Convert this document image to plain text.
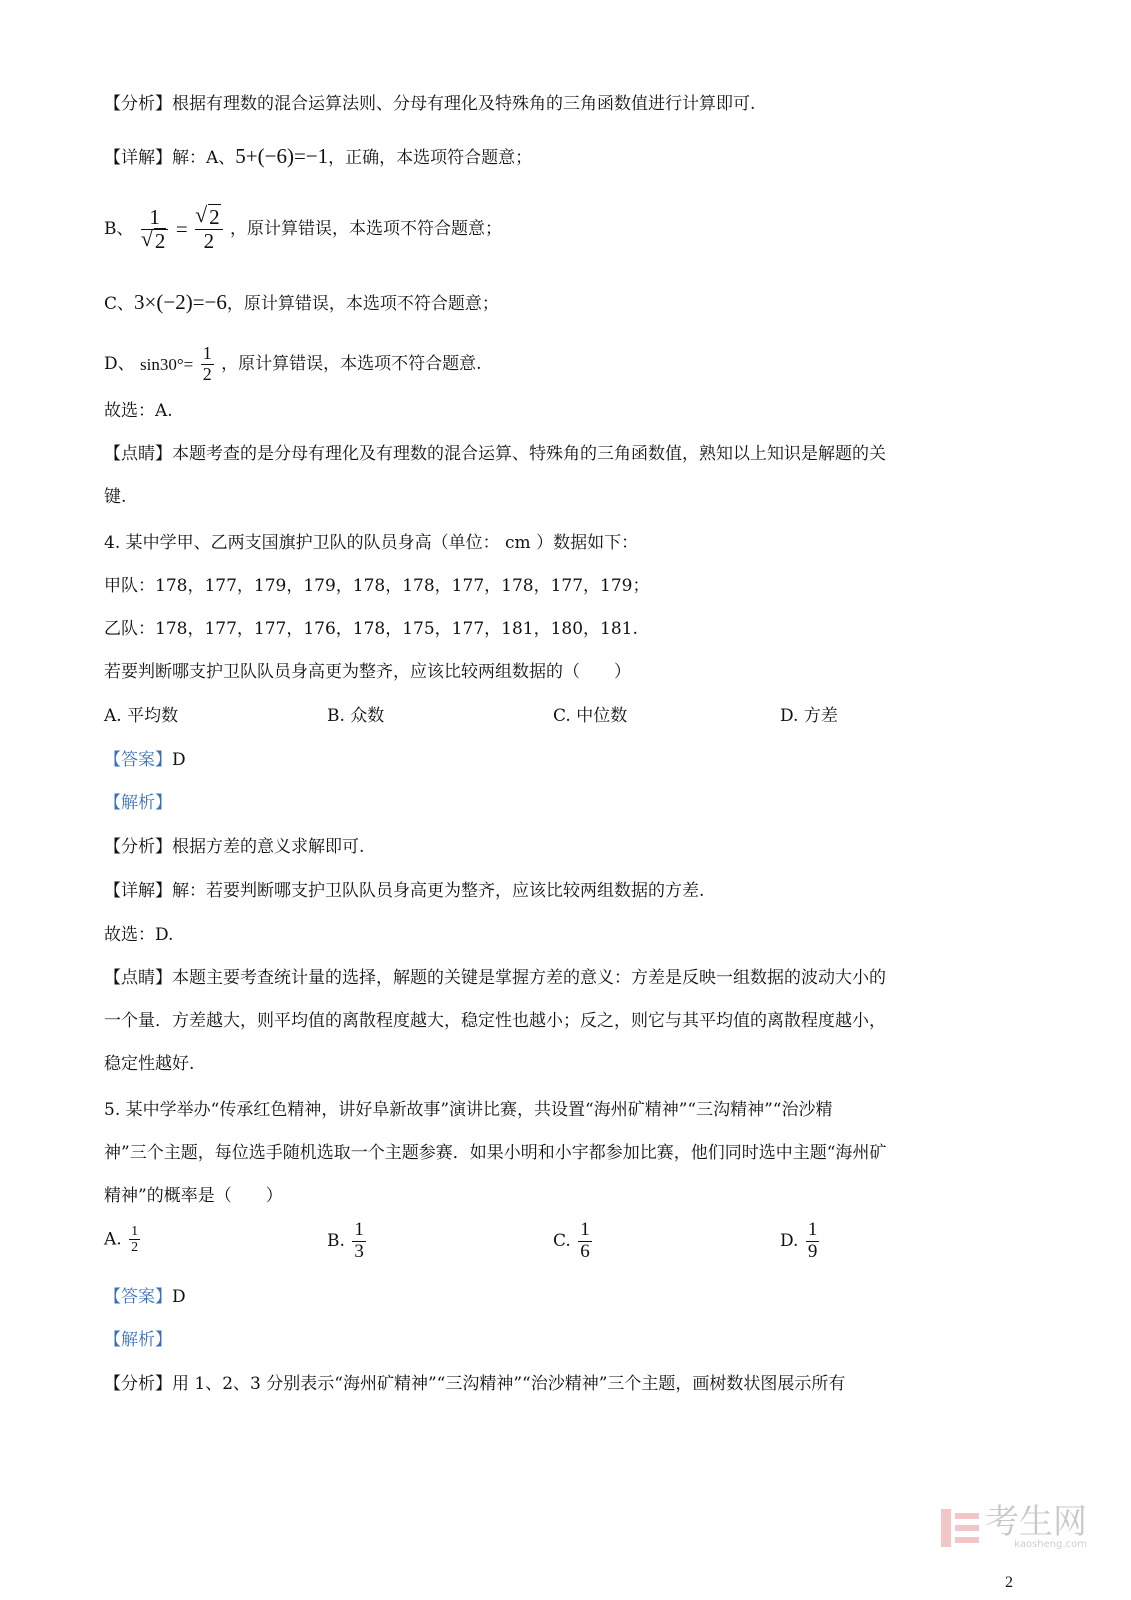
【分析】根据有理数的混合运算法则、分母有理化及特殊角的三角函数值进行计算即可.
【详解】解：A、5+(−6)=−1，正确，本选项符合题意；
B、 1
√ 2 =
√ $\frac{2}{2}$ ，原计算错误，本选项不符合题意；
C、3×(−2)=−6，原计算错误，本选项不符合题意；
D、 $\sin 30^\circ= \frac{1}{2}$ ，原计算错误，本选项不符合题意.
故选：A.
【点睛】本题考查的是分母有理化及有理数的混合运算、特殊角的三角函数值，熟知以上知识是解题的关
键.
4. 某中学甲、乙两支国旗护卫队的队员身高（单位： cm ）数据如下：
甲队：178，177，179，179，178，178，177，178，177，179；
乙队：178，177，177，176，178，175，177，181，180，181.
若要判断哪支护卫队队员身高更为整齐，应该比较两组数据的（　　）
A. 平均数	B. 众数	C. 中位数	D. 方差
【答案】D
【解析】
【分析】根据方差的意义求解即可.
【详解】解：若要判断哪支护卫队队员身高更为整齐，应该比较两组数据的方差.
故选：D.
【点睛】本题主要考查统计量的选择，解题的关键是掌握方差的意义：方差是反映一组数据的波动大小的
一个量．方差越大，则平均值的离散程度越大，稳定性也越小；反之，则它与其平均值的离散程度越小，
稳定性越好.
5. 某中学举办“传承红色精神，讲好阜新故事”演讲比赛，共设置“海州矿精神”“三沟精神”“治沙精
神”三个主题，每位选手随机选取一个主题参赛．如果小明和小宇都参加比赛，他们同时选中主题“海州矿
精神”的概率是（　　）
A. $\frac{1}{2}$	B. $\frac{1}{3}$	C. $\frac{1}{6}$	D. $\frac{1}{9}$
【答案】D
【解析】
【分析】用 1、2、3 分别表示“海州矿精神”“三沟精神”“治沙精神”三个主题，画树数状图展示所有
考生网
kaosheng.com
2
